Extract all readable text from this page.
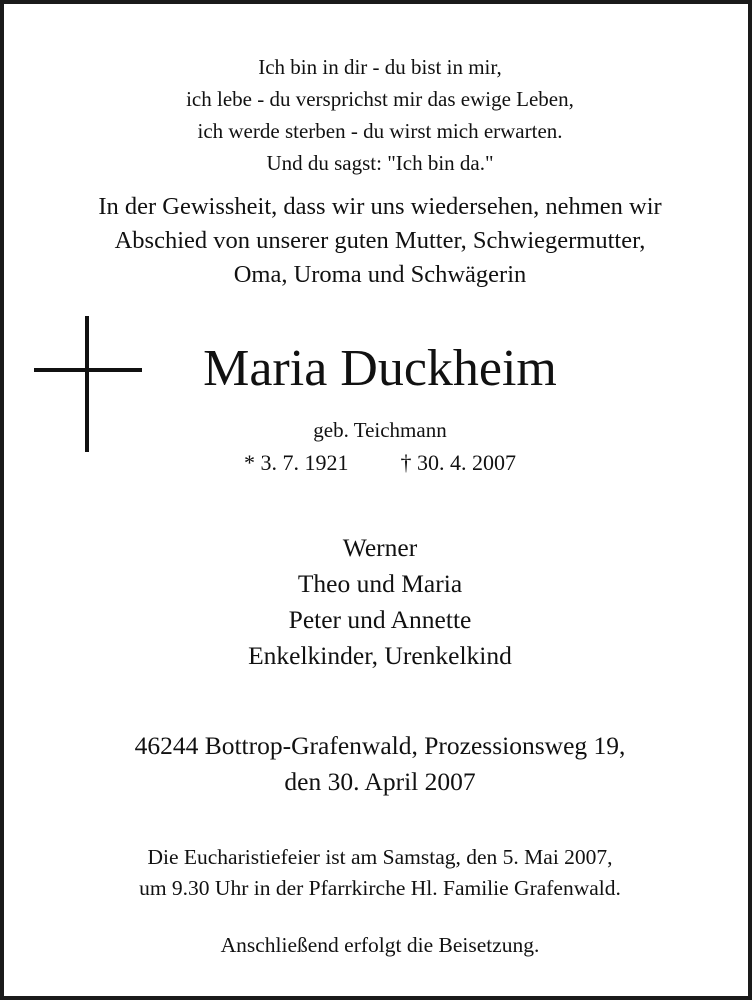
Ich bin in dir - du bist in mir,
ich lebe - du versprichst mir das ewige Leben,
ich werde sterben - du wirst mich erwarten.
Und du sagst: "Ich bin da."
In der Gewissheit, dass wir uns wiedersehen, nehmen wir
Abschied von unserer guten Mutter, Schwiegermutter,
Oma, Uroma und Schwägerin
Maria Duckheim
geb. Teichmann
* 3. 7. 1921 † 30. 4. 2007
Werner
Theo und Maria
Peter und Annette
Enkelkinder, Urenkelkind
46244 Bottrop-Grafenwald, Prozessionsweg 19,
den 30. April 2007
Die Eucharistiefeier ist am Samstag, den 5. Mai 2007,
um 9.30 Uhr in der Pfarrkirche Hl. Familie Grafenwald.
Anschließend erfolgt die Beisetzung.
